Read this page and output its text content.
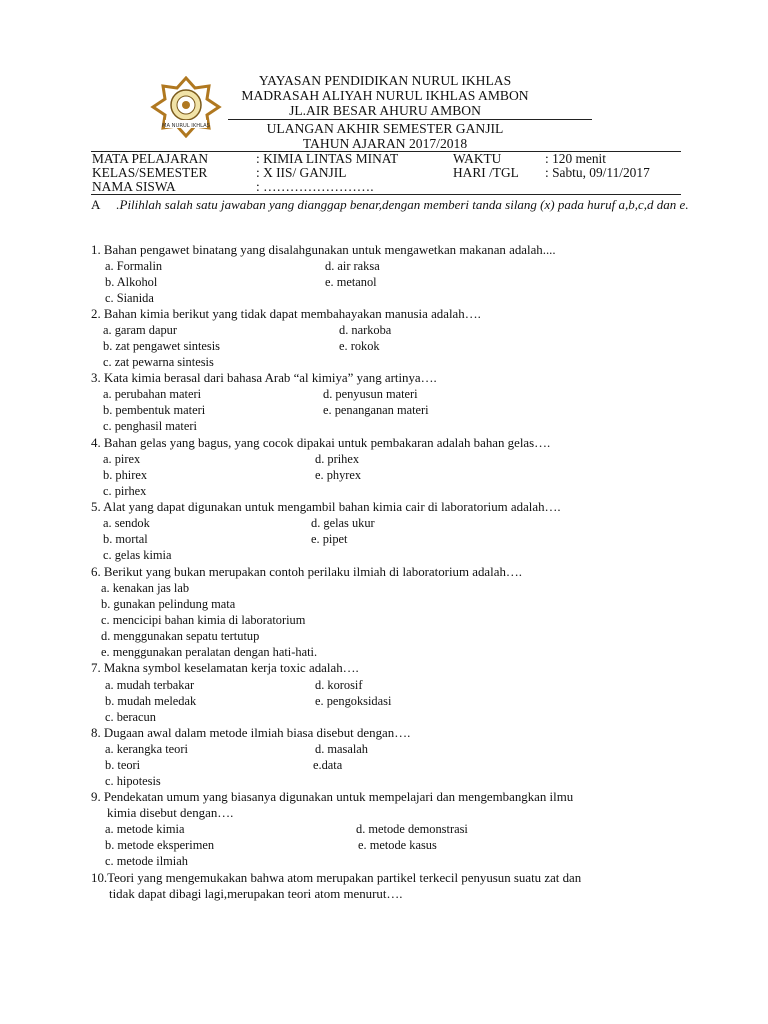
MA NURUL IKHLAS
YAYASAN PENDIDIKAN NURUL IKHLAS
MADRASAH ALIYAH NURUL IKHLAS AMBON
JL.AIR BESAR AHURU AMBON
ULANGAN AKHIR SEMESTER GANJIL
TAHUN AJARAN 2017/2018
MATA PELAJARAN	: KIMIA LINTAS MINAT	WAKTU	: 120 menit
KELAS/SEMESTER	: X IIS/ GANJIL	HARI /TGL : Sabtu, 09/11/2017
NAMA SISWA	: …………………….
A .Pilihlah salah satu jawaban yang dianggap benar,dengan memberi tanda silang (x) pada huruf a,b,c,d dan e.
1. Bahan pengawet binatang yang disalahgunakan untuk mengawetkan makanan adalah....
a. Formalin	d. air raksa
b. Alkohol	e. metanol
c. Sianida
2. Bahan kimia berikut yang tidak dapat membahayakan manusia adalah….
a. garam dapur	d. narkoba
b. zat pengawet sintesis	e. rokok
c. zat pewarna sintesis
3. Kata kimia berasal dari bahasa Arab “al kimiya” yang artinya….
a. perubahan materi	d. penyusun materi
b. pembentuk materi	e. penanganan materi
c. penghasil materi
4. Bahan gelas yang bagus, yang cocok dipakai untuk pembakaran adalah bahan gelas….
a. pirex	d. prihex
b. phirex	e. phyrex
c. pirhex
5. Alat yang dapat digunakan untuk mengambil bahan kimia cair di laboratorium adalah….
a. sendok	d. gelas ukur
b. mortal	e. pipet
c. gelas kimia
6. Berikut yang bukan merupakan contoh perilaku ilmiah di laboratorium adalah….
a. kenakan jas lab
b. gunakan pelindung mata
c. mencicipi bahan kimia di laboratorium
d. menggunakan sepatu tertutup
e. menggunakan peralatan dengan hati-hati.
7. Makna symbol keselamatan kerja toxic adalah….
a. mudah terbakar	d. korosif
b. mudah meledak	e. pengoksidasi
c. beracun
8. Dugaan awal dalam metode ilmiah biasa disebut dengan….
a. kerangka teori	d. masalah
b. teori	e.data
c. hipotesis
9. Pendekatan umum yang biasanya digunakan untuk mempelajari dan mengembangkan ilmu
kimia disebut dengan….
a. metode kimia	d. metode demonstrasi
b. metode eksperimen	e. metode kasus
c. metode ilmiah
10.Teori yang mengemukakan bahwa atom merupakan partikel terkecil penyusun suatu zat dan
tidak dapat dibagi lagi,merupakan teori atom menurut….
